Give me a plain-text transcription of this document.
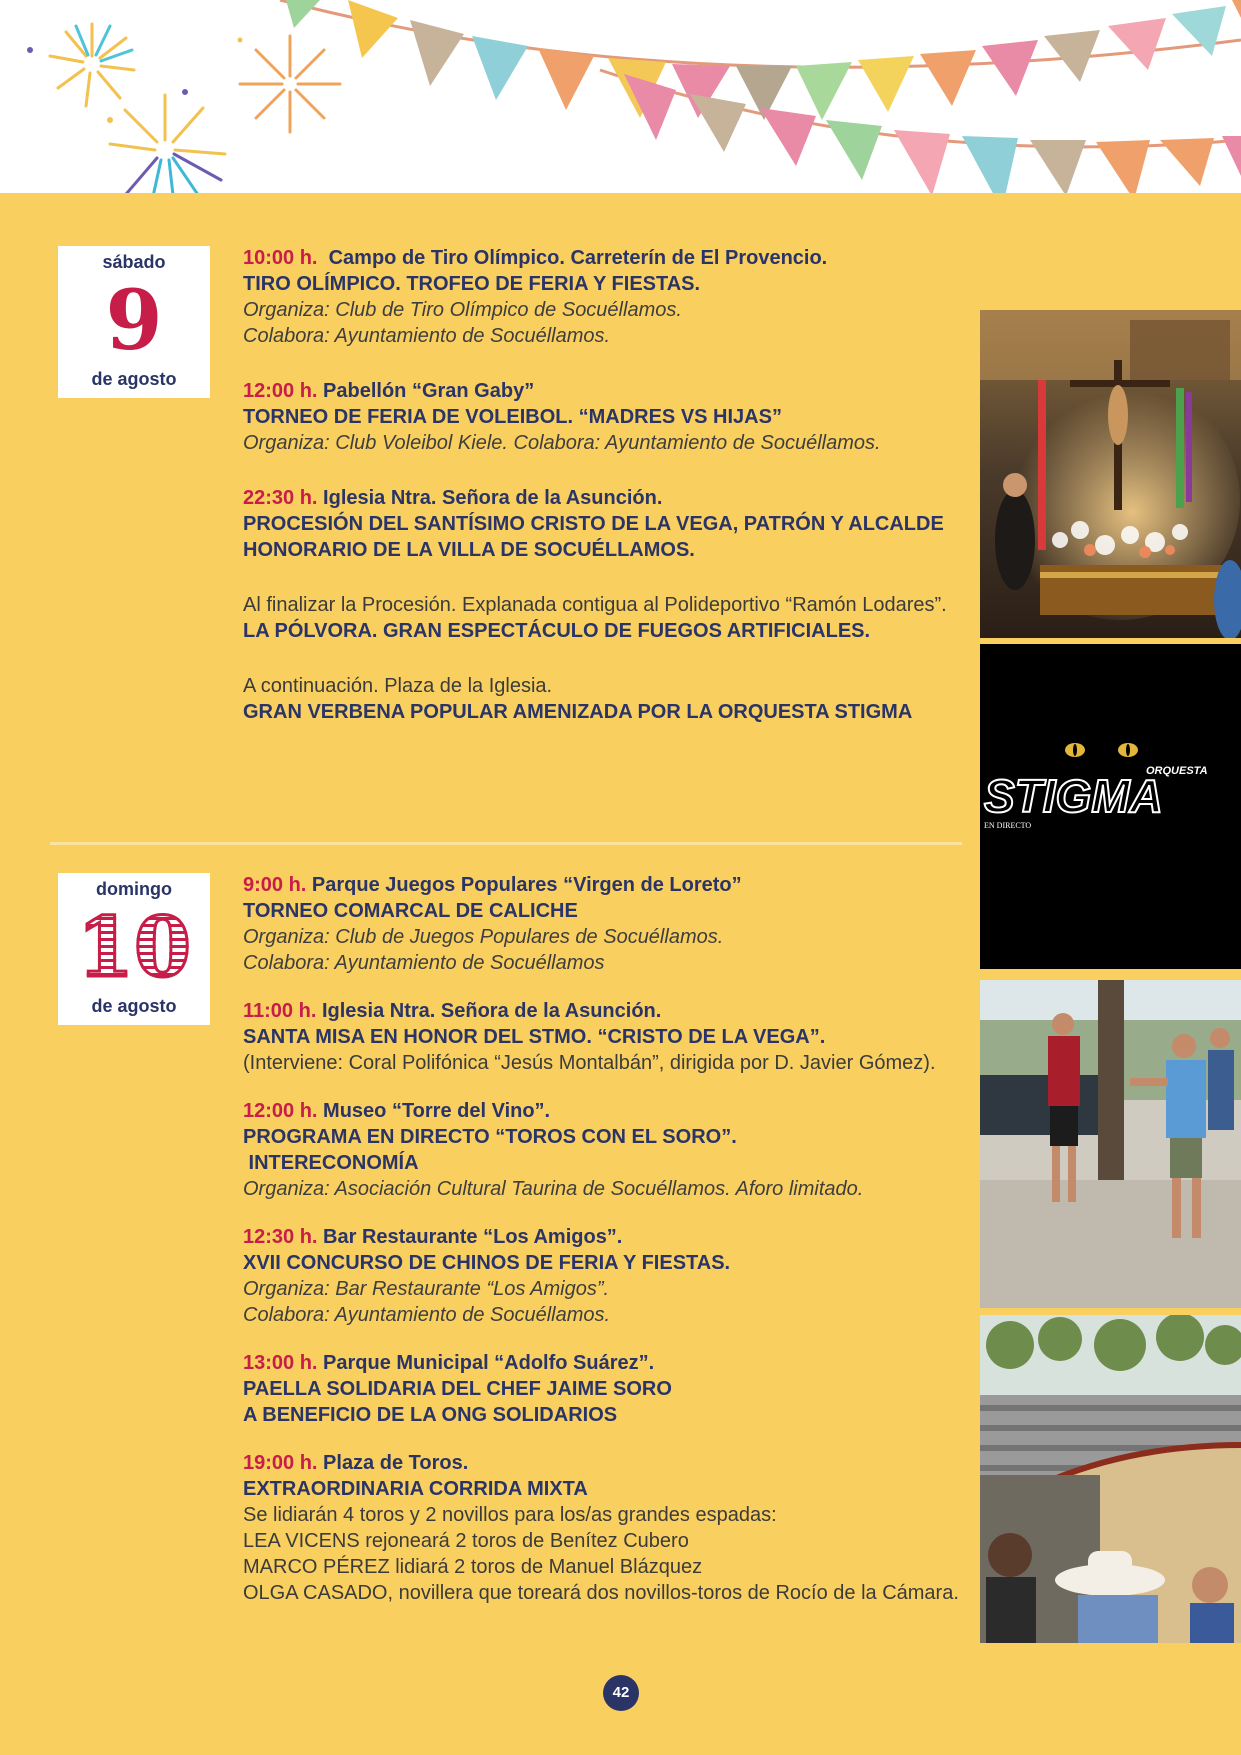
sábado
9
de agosto
10:00 h.  Campo de Tiro Olímpico. Carreterín de El Provencio.
TIRO OLÍMPICO. TROFEO DE FERIA Y FIESTAS.
Organiza: Club de Tiro Olímpico de Socuéllamos.
Colabora: Ayuntamiento de Socuéllamos.
12:00 h. Pabellón “Gran Gaby”
TORNEO DE FERIA DE VOLEIBOL. “MADRES VS HIJAS”
Organiza: Club Voleibol Kiele. Colabora: Ayuntamiento de Socuéllamos.
22:30 h. Iglesia Ntra. Señora de la Asunción.
PROCESIÓN DEL SANTÍSIMO CRISTO DE LA VEGA, PATRÓN Y ALCALDE
HONORARIO DE LA VILLA DE SOCUÉLLAMOS.
Al finalizar la Procesión. Explanada contigua al Polideportivo “Ramón Lodares”.
LA PÓLVORA. GRAN ESPECTÁCULO DE FUEGOS ARTIFICIALES.
A continuación. Plaza de la Iglesia.
GRAN VERBENA POPULAR AMENIZADA POR LA ORQUESTA STIGMA
domingo
10
de agosto
9:00 h. Parque Juegos Populares “Virgen de Loreto”
TORNEO COMARCAL DE CALICHE
Organiza: Club de Juegos Populares de Socuéllamos.
Colabora: Ayuntamiento de Socuéllamos
11:00 h. Iglesia Ntra. Señora de la Asunción.
SANTA MISA EN HONOR DEL STMO. “CRISTO DE LA VEGA”.
(Interviene: Coral Polifónica “Jesús Montalbán”, dirigida por D. Javier Gómez).
12:00 h. Museo “Torre del Vino”.
PROGRAMA EN DIRECTO “TOROS CON EL SORO”.
INTERECONOMÍA
Organiza: Asociación Cultural Taurina de Socuéllamos. Aforo limitado.
12:30 h. Bar Restaurante “Los Amigos”.
XVII CONCURSO DE CHINOS DE FERIA Y FIESTAS.
Organiza: Bar Restaurante “Los Amigos”.
Colabora: Ayuntamiento de Socuéllamos.
13:00 h. Parque Municipal “Adolfo Suárez”.
PAELLA SOLIDARIA DEL CHEF JAIME SORO
A BENEFICIO DE LA ONG SOLIDARIOS
19:00 h. Plaza de Toros.
EXTRAORDINARIA CORRIDA MIXTA
Se lidiarán 4 toros y 2 novillos para los/as grandes espadas:
LEA VICENS rejoneará 2 toros de Benítez Cubero
MARCO PÉREZ lidiará 2 toros de Manuel Blázquez
OLGA CASADO, novillera que toreará dos novillos-toros de Rocío de la Cámara.
ORQUESTA
STIGMA
EN DIRECTO
42
